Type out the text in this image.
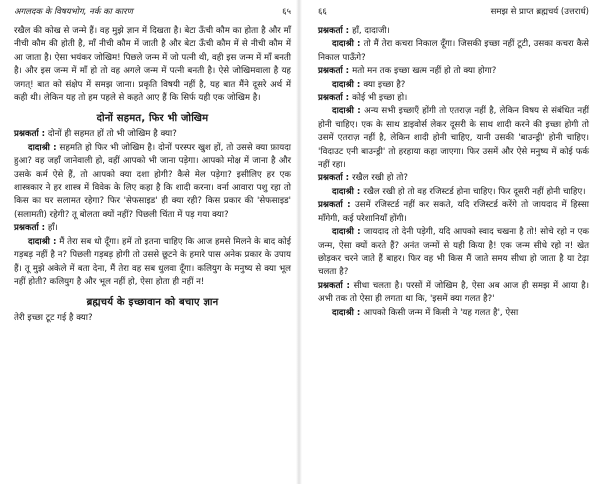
अगलदक के विषयभोग, नर्क का कारण	६५

रखैल की कोख से जन्मे हैं। वह मुझे ज्ञान में दिखता है। बेटा ऊँची कौम का होता है और माँ नीची कौम की होती है, माँ नीची कौम में जाती है और बेटा ऊँची कौम में से नीची कौम में आ जाता है। ऐसा भयंकर जोखिम! पिछले जन्म में जो पत्नी थी, वही इस जन्म में माँ बनती है। और इस जन्म में माँ हो तो वह अगले जन्म में पत्नी बनती है। ऐसे जोखिमवाला है यह जगत्! बात को संक्षेप में समझ जाना। प्रकृति विषयी नहीं है, यह बात मैंने दूसरे अर्थ में कही थी। लेकिन यह तो हम पहले से कहते आए हैं कि सिर्फ यही एक जोखिम है।

दोनों सहमत, फिर भी जोखिम

प्रश्नकर्ता : दोनों ही सहमत हों तो भी जोखिम है क्या?

दादाश्री : सहमति हो फिर भी जोखिम है। दोनों परस्पर खुश हों, तो उससे क्या फ़ायदा हुआ? वह जहाँ जानेवाली हो, वहीं आपको भी जाना पड़ेगा। आपको मोक्ष में जाना है और उसके कर्म ऐसे हैं, तो आपको क्या दशा होगी? कैसे मेल पड़ेगा? इसीलिए हर एक शास्त्रकार ने हर शास्त्र में विवेक के लिए कहा है कि शादी करना। वर्ना आवारा पशु रहा तो किस का घर सलामत रहेगा? फिर 'सेफसाइड' ही क्या रही? किस प्रकार की 'सेफसाइड' (सलामती) रहेगी? तू बोलता क्यों नहीं? पिछली चिंता में पड़ गया क्या?

प्रश्नकर्ता : हाँ।

दादाश्री : मैं तेरा सब धो दूँगा। हमें तो इतना चाहिए कि आज हमसे मिलने के बाद कोई गड़बड़ नहीं है न? पिछली गड़बड़ होगी तो उससे छूटने के हमारे पास अनेक प्रकार के उपाय हैं। तू मुझे अकेले में बता देना, मैं तेरा वह सब धुलवा दूँगा। कलियुग के मनुष्य से क्या भूल नहीं होती? कलियुग है और भूल नहीं हो, ऐसा होता ही नहीं न!

ब्रह्मचर्य के इच्छावान को बचाए ज्ञान

तेरी इच्छा टूट गई है क्या?

६६	समझ से प्राप्त ब्रह्मचर्य (उत्तरार्ध)

प्रश्नकर्ता : हाँ, दादाजी।

दादाश्री : तो मैं तेरा कचरा निकाल दूँगा। जिसकी इच्छा नहीं टूटी, उसका कचरा कैसे निकाल पाऊँगे?

प्रश्नकर्ता : मतो मन तक इच्छा खत्म नहीं हो तो क्या होगा?

दादाश्री : क्या इच्छा है?

प्रश्नकर्ता : कोई भी इच्छा हो।

दादाश्री : अन्य सभी इच्छाएँ होंगी तो एतराज़ नहीं है, लेकिन विषय से संबंधित नहीं होनी चाहिए। एक के साथ डाइवोर्स लेकर दूसरी के साथ शादी करने की इच्छा होगी तो उसमें एतराज़ नहीं है, लेकिन शादी होनी चाहिए, यानी उसकी 'बाउन्ड्री' होनी चाहिए। 'विदाउट एनी बाउन्ड्री' तो हरहाया कहा जाएगा। फिर उसमें और ऐसे मनुष्य में कोई फर्क नहीं रहा।

प्रश्नकर्ता : रखैल रखी हो तो?

दादाश्री : रखैल रखी हो तो वह रजिस्टर्ड होना चाहिए। फिर दूसरी नहीं होनी चाहिए।

प्रश्नकर्ता : उसमें रजिस्टर्ड नहीं कर सकते, यदि रजिस्टर्ड करेंगे तो जायदाद में हिस्सा माँगेगी, कई परेशानियाँ होंगी।

दादाश्री : जायदाद तो देनी पड़ेगी, यदि आपको स्वाद चखना है तो! सोचे रहो न एक जन्म, ऐसा क्यों करते हैं? अनंत जन्मों से यही किया है! एक जन्म सीधे रहो न! खेत छोड़कर चरने जाते हैं बाहर। फिर वह भी किस मैं जाते समय सीधा हो जाता है या टेढ़ा चलता है?

प्रश्नकर्ता : सीधा चलता है। परसों में जोखिम है, ऐसा अब आज ही समझ में आया है। अभी तक तो ऐसा ही लगता था कि, 'इसमें क्या गलत है?'

दादाश्री : आपको किसी जन्म में किसी ने 'यह गलत है', ऐसा
